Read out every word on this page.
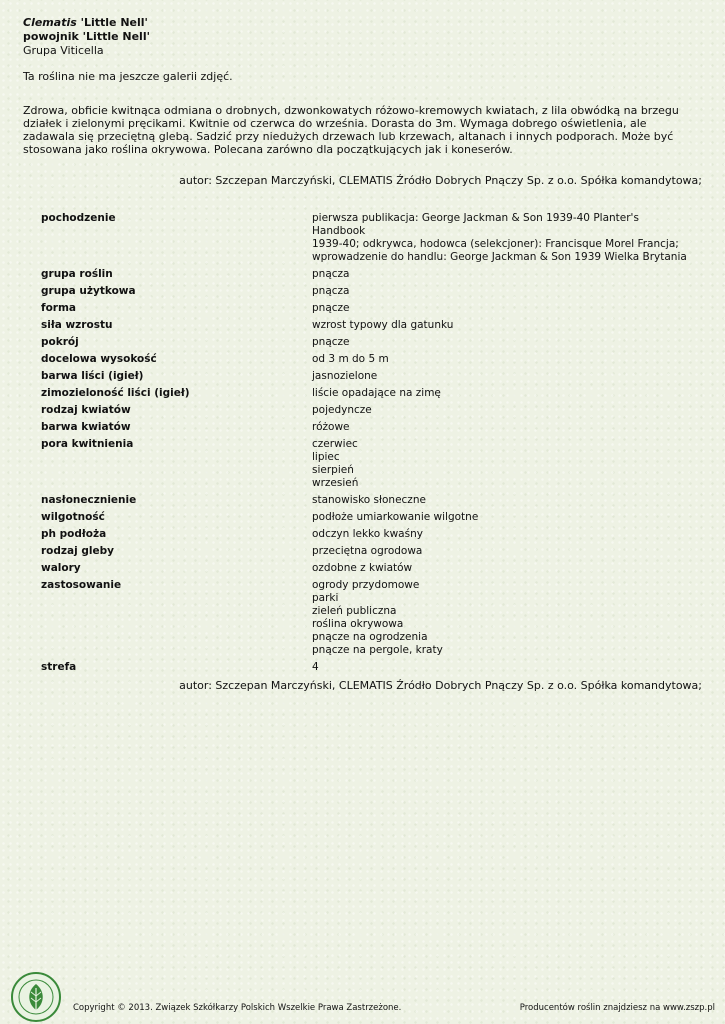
Clematis 'Little Nell'
powojnik 'Little Nell'
Grupa Viticella
Ta roślina nie ma jeszcze galerii zdjęć.
Zdrowa, obficie kwitnąca odmiana o drobnych, dzwonkowatych różowo-kremowych kwiatach, z lila obwódką na brzegu działek i zielonymi pręcikami. Kwitnie od czerwca do września. Dorasta do 3m. Wymaga dobrego oświetlenia, ale zadawala się przeciętną glebą. Sadzić przy niedużych drzewach lub krzewach, altanach i innych podporach. Może być stosowana jako roślina okrywowa. Polecana zarówno dla początkujących jak i koneserów.
autor: Szczepan Marczyński, CLEMATIS Źródło Dobrych Pnączy Sp. z o.o. Spółka komandytowa;
pochodzenie	pierwsza publikacja: George Jackman & Son 1939-40 Planter's Handbook
1939-40; odkrywca, hodowca (selekcjoner): Francisque Morel Francja;
wprowadzenie do handlu: George Jackman & Son 1939 Wielka Brytania
grupa roślin	pnącza
grupa użytkowa	pnącza
forma	pnącze
siła wzrostu	wzrost typowy dla gatunku
pokrój	pnącze
docelowa wysokość	od 3 m do 5 m
barwa liści (igieł)	jasnozielone
zimozieloność liści (igieł)	liście opadające na zimę
rodzaj kwiatów	pojedyncze
barwa kwiatów	różowe
pora kwitnienia	czerwiec
lipiec
sierpień
wrzesień
nasłonecznienie	stanowisko słoneczne
wilgotność	podłoże umiarkowanie wilgotne
ph podłoża	odczyn lekko kwaśny
rodzaj gleby	przeciętna ogrodowa
walory	ozdobne z kwiatów
zastosowanie	ogrody przydomowe
parki
zieleń publiczna
roślina okrywowa
pnącze na ogrodzenia
pnącze na pergole, kraty
strefa	4
autor: Szczepan Marczyński, CLEMATIS Źródło Dobrych Pnączy Sp. z o.o. Spółka komandytowa;
Copyright © 2013. Związek Szkółkarzy Polskich Wszelkie Prawa Zastrzeżone.	Producentów roślin znajdziesz na www.zszp.pl
